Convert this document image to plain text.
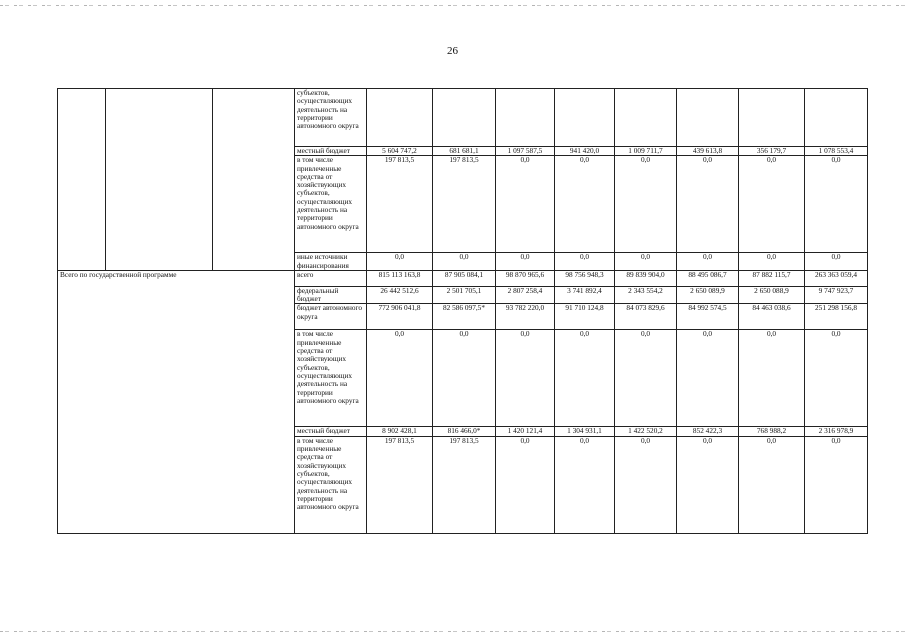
26
			субъектов, осуществляющих деятельность на территории автономного округа								
			местный бюджет	5 604 747,2	681 681,1	1 097 587,5	941 420,0	1 009 711,7	439 613,8	356 179,7	1 078 553,4

			в том числе привлеченные средства от хозяйствующих субъектов, осуществляющих деятельность на территории автономного округа	197 813,5	197 813,5	0,0	0,0	0,0	0,0	0,0	0,0

			иные источники финансирования	0,0	0,0	0,0	0,0	0,0	0,0	0,0	0,0

Всего по государственной программе			всего	815 113 163,8	87 905 084,1	98 870 965,6	98 756 948,3	89 839 904,0	88 495 086,7	87 882 115,7	263 363 059,4

			федеральный бюджет	26 442 512,6	2 501 705,1	2 807 258,4	3 741 892,4	2 343 554,2	2 650 089,9	2 650 088,9	9 747 923,7

			бюджет автономного округа	772 906 041,8	82 586 097,5*	93 782 220,0	91 710 124,8	84 073 829,6	84 992 574,5	84 463 038,6	251 298 156,8

			в том числе привлеченные средства от хозяйствующих субъектов, осуществляющих деятельность на территории автономного округа	0,0	0,0	0,0	0,0	0,0	0,0	0,0	0,0

			местный бюджет	8 902 428,1	816 466,0*	1 420 121,4	1 304 931,1	1 422 520,2	852 422,3	768 988,2	2 316 978,9

			в том числе привлеченные средства от хозяйствующих субъектов, осуществляющих деятельность на территории автономного округа	197 813,5	197 813,5	0,0	0,0	0,0	0,0	0,0	0,0
